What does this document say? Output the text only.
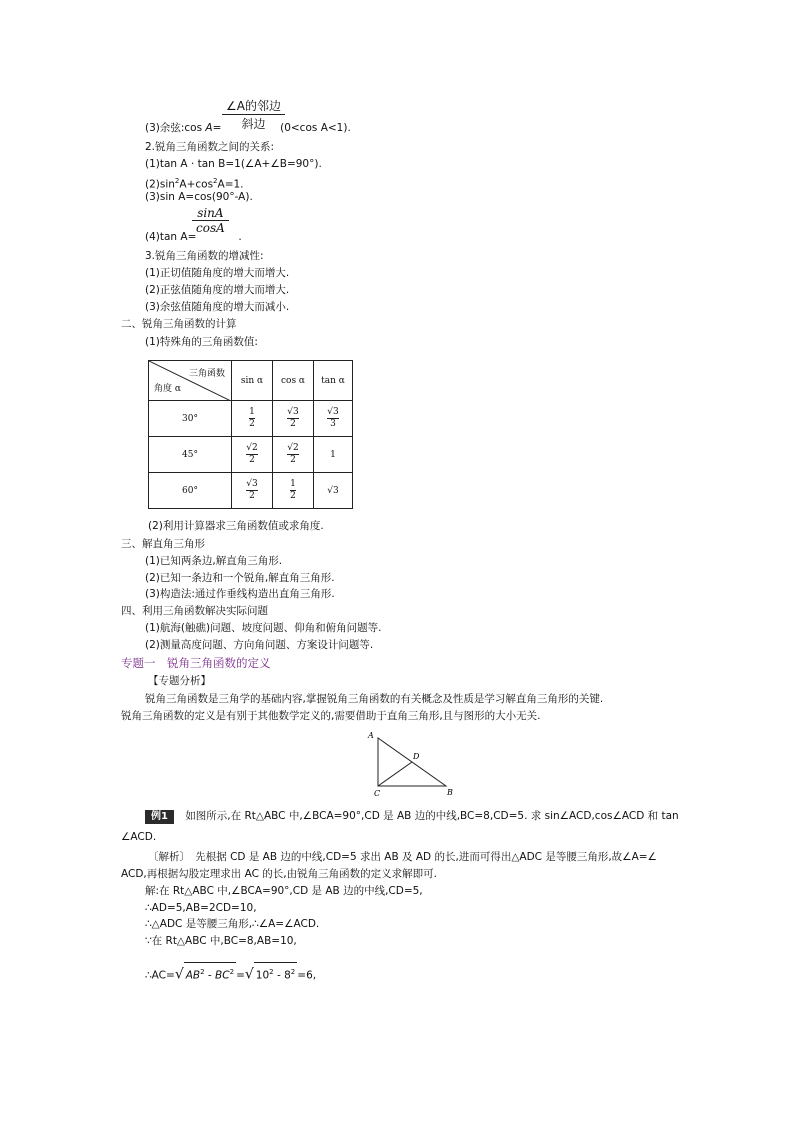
$\frac{\text{∠A的邻边}}{\text{斜边}}$
(3)余弦:cos A=	(0<cos A<1).
2.锐角三角函数之间的关系:
(1)tan A · tan B=1(∠A+∠B=90°).
$(2)\sin^2A+\cos^2A=1$.
(3)sin A=cos(90°-A).
$\frac{\sin A}{\cos A}$
(4)tan A=	.
3.锐角三角函数的增减性:
(1)正切值随角度的增大而增大.
(2)正弦值随角度的增大而增大.
(3)余弦值随角度的增大而减小.
二、锐角三角函数的计算
(1)特殊角的三角函数值:
三角函数
角度 α	sin α	cos α	tan α
30°	$\frac{1}{2}$	$\frac{√3}{2}$	$\frac{√3}{3}$

45°	$\frac{√2}{2}$	$\frac{√2}{2}$	1
60°	$\frac{√3}{2}$	$\frac{1}{2}$	√3
(2)利用计算器求三角函数值或求角度.
三、解直角三角形
(1)已知两条边,解直角三角形.
(2)已知一条边和一个锐角,解直角三角形.
(3)构造法:通过作垂线构造出直角三角形.
四、利用三角函数解决实际问题
(1)航海(触礁)问题、坡度问题、仰角和俯角问题等.
(2)测量高度问题、方向角问题、方案设计问题等.
专题一　锐角三角函数的定义
【专题分析】
锐角三角函数是三角学的基础内容,掌握锐角三角函数的有关概念及性质是学习解直角三角形的关键.
锐角三角函数的定义是有别于其他数学定义的,需要借助于直角三角形,且与图形的大小无关.
A
B
C
D
例1 如图所示,在 Rt△ABC 中,∠BCA=90°,CD 是 AB 边的中线,BC=8,CD=5. 求 sin∠ACD,cos∠ACD 和 tan
∠ACD.
〔解析〕　先根据 CD 是 AB 边的中线,CD=5 求出 AB 及 AD 的长,进而可得出△ADC 是等腰三角形,故∠A=∠
ACD,再根据勾股定理求出 AC 的长,由锐角三角函数的定义求解即可.
解:在 Rt△ABC 中,∠BCA=90°,CD 是 AB 边的中线,CD=5,
∴AD=5,AB=2CD=10,
∴△ADC 是等腰三角形,∴∠A=∠ACD.
∵在 Rt△ABC 中,BC=8,AB=10,
∴AC=√ $AB^2 - BC^2$ =√ $10^2 - 8^2 =6$,
